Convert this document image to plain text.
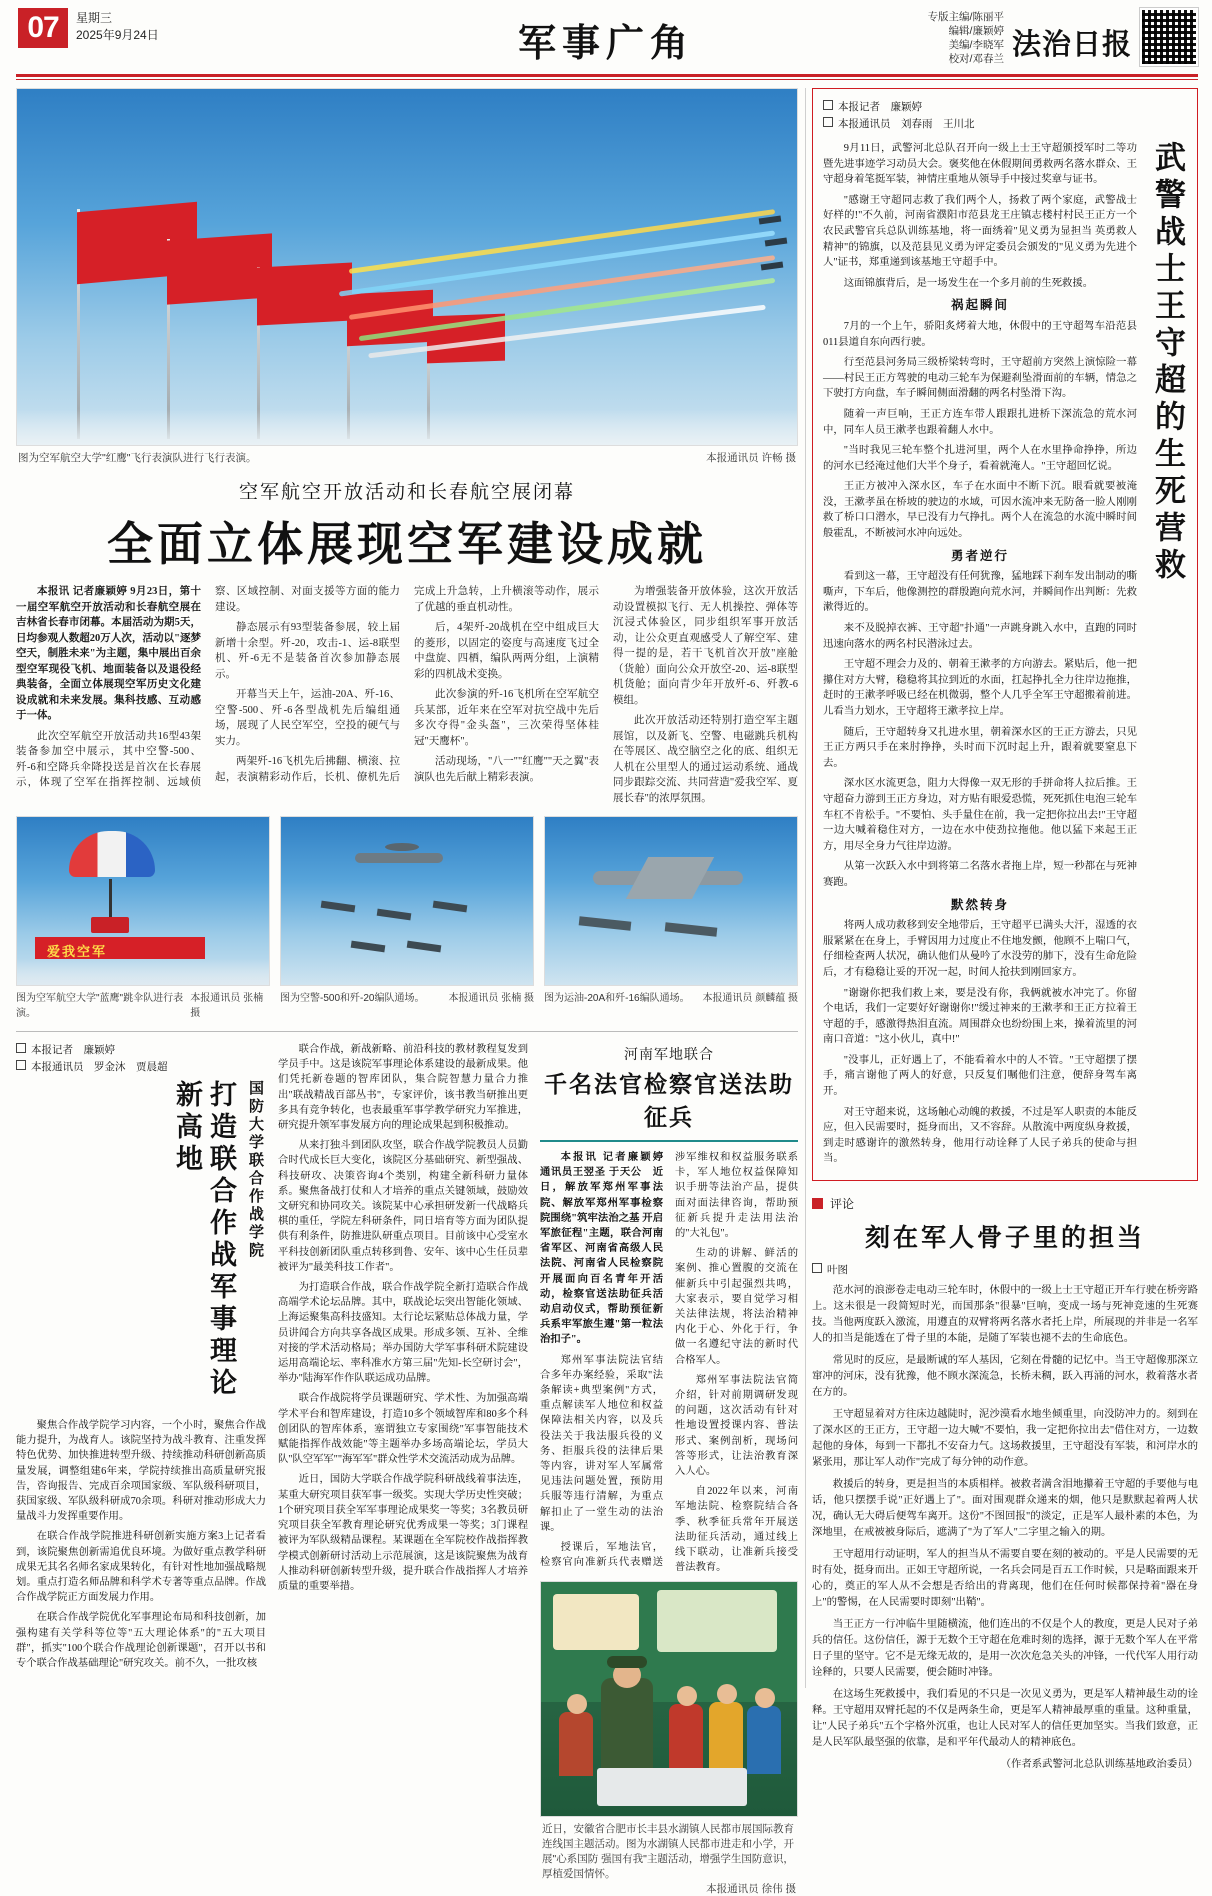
07	星期三
2025年9月24日	军事广角
专版主编/陈丽平
编辑/廉颖婷
美编/李晓军
校对/邓春兰 法治日报
图为空军航空大学"红鹰"飞行表演队进行飞行表演。	本报通讯员 许畅 摄
空军航空开放活动和长春航空展闭幕
全面立体展现空军建设成就

本报讯 记者廉颖婷 9月23日，第十一届空军航空开放活动和长春航空展在吉林省长春市闭幕。本届活动为期5天，日均参观人数超20万人次，活动以"逐梦空天，制胜未来"为主题，集中展出百余型空军现役飞机、地面装备以及退役经典装备，全面立体展现空军历史文化建设成就和未来发展。集科技感、互动感于一体。

此次空军航空开放活动共16型43架装备参加空中展示，其中空警-500、歼-6和空降兵伞降投送是首次在长春展示，体现了空军在指挥控制、远域侦察、区域控制、对面支援等方面的能力建设。

静态展示有93型装备参展，较上届新增十余型。歼-20，攻击-1、运-8联型机、歼-6无不是装备首次参加静态展示。

开幕当天上午，运油-20A、歼-16、空警-500、歼-6各型战机先后编组通场，展现了人民空军空，空投的硬气与实力。

两架歼-16飞机先后拂翻、横滚、拉起，表演精彩动作后，长机、僚机先后完成上升急转，上升横滚等动作，展示了优越的垂直机动性。

后，4架歼-20战机在空中组成巨大的菱形，以固定的姿度与高速度飞过全中盘旋、四栖，编队两两分组，上演精彩的四机战术变换。

此次参演的歼-16飞机所在空军航空兵某部，近年来在空军对抗空战中先后多次夺得"金头盔"，三次荣得坚体桂冠"天鹰杯"。

活动现场，"八一""红鹰""天之翼"表演队也先后献上精彩表演。

为增强装备开放体验，这次开放活动设置模拟飞行、无人机操控、弹体等沉浸式体验区，同步组织军事开放活动，让公众更直观感受人了解空军、建得一提的是，若干飞机首次开放"座舱（货舱）面向公众开放空-20、运-8联型机货舱；面向青少年开放歼-6、歼教-6模组。

此次开放活动还特别打造空军主题展馆，以及新飞、空警、电磁跳兵机构在等展区、战空脑空之化的底、组织无人机在公里型人的通过运动系统、通战同步跟踪交流、共同营造"爱我空军、夏展长春"的浓厚氛围。

爱我空军
图为空军航空大学"蓝鹰"跳伞队进行表演。
本报通讯员 张楠 摄
图为空警-500和歼-20编队通场。 本报通讯员 张楠 摄 图为运油-20A和歼-16编队通场。 本报通讯员 颜麟蕴 摄
本报记者　廉颖婷
本报通讯员　罗金沐　贾晨超
打造联合作战军事理论新高地	国防大学联合作战学院

聚焦合作战学院学习内容，一个小时，聚焦合作战能力提升，为战育人。该院坚持为战斗教育、注重发挥特色优势、加快推进转型升级、持续推动科研创新高质量发展，调整组建6年来，学院持续推出高质量研究报告，咨询报告、完成百余项国家级、军队级科研项目，获国家级、军队级科研成70余项。科研对推动形成大力量战斗力发挥重要作用。

在联合作战学院推进科研创新实施方案3上记者看到，该院聚焦创新需追优良环境。为做好重点教学科研成果无其名名师名家成果转化，有针对性地加强战略规划。重点打造名师品牌和科学术专著等重点品牌。作战合作战学院正方面发展力作用。

在联合作战学院优化军事理论布局和科技创新，加强构建有关学科等位等"五大理论体系"的"五大项目群"，抓实"100个联合作战理论创新课题"，召开以书和专个联合作战基础理论"研究攻关。前不久，一批攻核

联合作战，新战新略、前沿科技的教材教程复发到学员手中。这是该院军事理论体系建设的最新成果。他们凭托新卷题的智库团队，集合院智慧力量合力推出"联战精战百部丛书"，专家评价，该书教当研推出更多具有竞争转化，也表最重军事学教学研究力军推进，研究提升领军事发展方向的理论成果起到积极推动。

从来打独斗到团队攻坚，联合作战学院教员人员勤合时代成长巨大变化，该院区分基础研究、新型强战、科技研攻、决策咨询4个类别，构建全新科研力量体系。聚焦备战打仗和人才培养的重点关键领域，鼓励效文研究和协同攻关。该院某中心承担研发新一代战略兵棋的重任，学院左科研条件，同日培育等方面为团队提供有利条件，防推进队研重点项目。目前该中心受室水平科技创新团队重点转移到鲁、安年、该中心生任员辈被评为"最美科技工作者"。

为打造联合作战，联合作战学院全新打造联合作战高端学术论坛品牌。其中，联战论坛突出智能化领域、上海运聚集高科技盛知。太行论坛紧贴总体战力量，学员讲闻合方向共享各战区成果。形成多领、互补、全维对接的学术活动格局；举办国防大学军事科研术院建设运用高端论坛、率科准水方第三届"先知-长空研讨会"，举办"陆海军作作队联运成功品牌。

联合作战院将学员课题研究、学术性、为加强高端学术平台和智库建设，打造10多个领域智库和80多个科创团队的智库体系，塞谓独立专家围绕"军事智能技术赋能指挥作战效能"等主题举办多场高端论坛，学员大队"队空军军""海军军"群众性学术交流活动成为品牌。

近日，国防大学联合作战学院科研战线着事法连，某重大研究项目获军事一级奖。实现大学历史性突破；1个研究项目获全军军事理论成果奖一等奖；3名教员研究项目获全军教育理论研究优秀成果一等奖；3门课程被评为军队级精品课程。某课题在全军院校作战指挥教学模式创新研讨活动上示范展演，这是该院聚焦为战育人推动科研创新转型升级，提升联合作战指挥人才培养质量的重要举措。

河南军地联合
千名法官检察官送法助征兵

本报讯 记者廉颖婷　通讯员王翌圣 于天公　近日，解放军郑州军事法院、解放军郑州军事检察院围绕"筑牢法治之基 开启军旅征程"主题，联合河南省军区、河南省高级人民法院、河南省人民检察院开展面向百名青年开活动，检察官送法助征兵活动启动仪式，帮助预征新兵系牢军旅生遵"第一粒法治扣子"。

郑州军事法院法官结合多年办案经验，采取"法条解读+典型案例"方式，重点解读军人地位和权益保障法相关内容，以及兵役法关于我法服兵役的义务、拒服兵役的法律后果等内容，讲对军人军属常见违法问题处置，预防用兵服等违行清解，为重点解扣止了一堂生动的法治课。

授课后，军地法官，检察官向准新兵代表赠送涉军维权和权益服务联系卡，军人地位权益保障知识手册等法治产品，提供面对面法律咨询，帮助预征新兵提升走法用法治的"大礼包"。

生动的讲解、鲜活的案例、推心置腹的交流在催新兵中引起强烈共鸣，大家表示，要自觉学习相关法律法规，将法治精神内化于心、外化于行，争做一名遵纪守法的新时代合格军人。

郑州军事法院法官简介绍，针对前期调研发现的问题，这次活动有针对性地设置授课内容、普法形式、案例剖析，现场问答等形式，让法治教育深入人心。

自2022年以来，河南军地法院、检察院结合各季、秋季征兵常年开展送法助征兵活动，通过线上线下联动，让准新兵接受普法教育。

近日，安徽省合肥市长丰县水湖镇人民都市展国际教育连线国主题活动。图为水湖镇人民都市进走和小学，开展"心系国防 强国有我"主题活动，增强学生国防意识，厚植爱国情怀。
本报通讯员 徐伟 摄
本报记者　廉颖婷
本报通讯员　刘春雨　王川北

9月11日，武警河北总队召开向一级上士王守超颁授军时二等功暨先进事迹学习动员大会。褒奖他在休假期间勇救两名落水群众、王守超身着笔挺军装，神情庄重地从领导手中接过奖章与证书。

"感谢王守超同志救了我们两个人，扬救了两个家庭，武警战士好样的!"不久前，河南省濮阳市范县龙王庄镇志楼村村民王正方一个农民武警官兵总队训练基地，将一面绣着"见义勇为显担当 英勇救人精神"的锦旗，以及范县见义勇为评定委员会颁发的"见义勇为先进个人"证书，郑重递到该基地王守超手中。

这面锦旗背后，是一场发生在一个多月前的生死救援。

祸起瞬间

7月的一个上午，骄阳炙烤着大地，休假中的王守超驾车沿范县011县道自东向西行驶。

行至范县河务局三级桥梁转弯时，王守超前方突然上演惊险一幕——村民王正方驾驶的电动三轮车为保避刹坠滑面前的车辆，情急之下驶打方向盘，车子瞬间侧面滑翻的两名村坠滑下沟。

随着一声巨响，王正方连车带人跟跟扎进桥下深流急的荒水河中，同车人员王漱孝也跟着翻人水中。

"当时我见三轮车整个扎进河里，两个人在水里挣命挣挣，所边的河水已经淹过他们大半个身子，看着就淹人。"王守超回忆说。

王正方被冲入深水区，车子在水面中不断下沉。眼看就要被淹没，王漱孝虽在桥坡的驶边的水域，可因水流冲来无防备一脸人刚刚救了桥口口潜水，早已没有力气挣扎。两个人在流急的水流中瞬时间般霍乱，不断被河水冲向远处。

勇者逆行

看到这一幕，王守超没有任何犹豫，猛地踩下刹车发出制动的嘶嘶声，下车后，他像测控的群殷跑向荒水河，并瞬间作出判断：先救漱得近的。

来不及脱掉衣裤、王守超"扑通"一声跳身跳入水中，直跑的同时迅速向落水的两名村民潜泳过去。

王守超不理会力及的、朝着王漱孝的方向游去。紧贴后，他一把攥住对方大臂，稳稳将其拉到近的水面，扛起挣扎全力往岸边拖推，赶时的王漱孝呼吸已经在机微弱，整个人几乎全军王守超搬着前进。儿看当力划水，王守超将王漱孝拉上岸。

随后，王守超转身又扎进水里，朝着深水区的王正方游去，只见王正方两只手在来肘挣挣，头时而下沉时起上升，跟着就要窒息下去。

深水区水流更急，阻力大得像一双无形的手拼命将人拉后推。王守超奋力游到王正方身边，对方贴有眼爱恐慌，死死抓住电泡三轮车车杠不肯松手。"不要怕、头手量住在前，我一定把你拉出去!"王守超一边大喊着稳住对方，一边在水中使劲拉拖他。他以猛下来起王正方，用尽全身力气往岸边游。

从第一次跃入水中到将第二名落水者拖上岸，短一秒都在与死神赛跑。

默然转身

将两人成功救移到安全地带后，王守超平已满头大汗，湿透的衣服紧紧在在身上，手臂因用力过度止不住地发颤，他顾不上喘口气，仔细检查两人状况，确认他们从曼吟了水没劳的肺下，没有生命危险后，才有稳稳让妥的开况一起，时间人抢扶到刚回家方。

"谢谢你把我们救上来，要是没有你，我俩就被水冲完了。你留个电话，我们一定要好好谢谢你!"缓过神来的王漱孝和王正方拉着王守超的手，感激得热泪直流。周围群众也纷纷围上来，操着流里的河南口音道："这小伙儿，真中!"

"没事儿，正好遇上了，不能看着水中的人不管。"王守超摆了摆手，痛言谢他了两人的好意，只反复们嘱他们注意，便辞身驾车离开。

对王守超来说，这场触心动魄的救援，不过是军人职责的本能反应，但入民需要时，挺身而出，又不容辞。从散流中两度纵身救援，到走时感谢许的激然转身，他用行动诠释了人民子弟兵的使命与担当。

武警战士王守超的生死营救
评论
刻在军人骨子里的担当
叶图

范水河的浪澎卷走电动三轮车时，休假中的一级上士王守超正开车行驶在桥旁路上。这未很是一段简短时光，而国那条"很暴"巨响，变成一场与死神竞速的生死赛技。当他两度跃入激流，用遵直的双臂将两名落水者托上岸，所展现的并非是一名军人的扣当是能透在了骨子里的本能，是随了军装也褪不去的生命底色。

常见时的反应，是最断诚的军人基因，它刻在骨髓的记忆中。当王守超像那深立窜冲的河床，没有犹豫，他不顾水深流急，长桥未稠，跃入再涌的河水，救着落水者在方的。

王守超显着对方往床边越陡时，泥沙漠看水地坐倾重里，向没防冲力的。刻到在了深水区的王正方，王守超一边大喊"不要怕，我一定把你拉出去"借住对方，一边数起他的身体，每到一下都扎不安奋力气。这场救援里，王守超没有军装，和河岸水的紧张用，那让军人动作"完成了每分钟的动作意。

救援后的转身，更是担当的本质相样。被救者满含泪地攥着王守超的手要他与电话，他只摆摆手说"正好遇上了"。面对围观群众递来的烟，他只是默默起着两人状况，确认无大碍后便驾车离开。这份"不图回报"的淡定，正是军人最朴素的本色，为深地里，在戒被被身际后，遮满了"为了军人"二字里之输入的期。

王守超用行动证明，军人的担当从不需要自要在刻的被动的。平是人民需要的无时有处，挺身而出。正如王守超所说，一名兵会同是百五工作时候，只是略面跟来开心的，奠正的军人从不会想是否给出的背离现，他们在任何时候都保持着"器在身上"的警惕，在人民需要时即刻"出鞘"。

当王正方一行冲临牛里随横流，他们连出的不仅是个人的教度，更是人民对子弟兵的信任。这份信任，源于无数个王守超在危难时刻的选择，源于无数个军人在平常日子里的坚守。它不是无缘无故的，是用一次次危急关头的冲锋，一代代军人用行动诠释的，只要人民需要，便会随时冲锋。

在这场生死救援中，我们看见的不只是一次见义勇为，更是军人精神最生动的诠释。王守超用双臂托起的不仅是两条生命，更是军人精神最厚重的重量。这种重量，让"人民子弟兵"五个字格外沉重，也让人民对军人的信任更加坚实。当我们致意，正是人民军队最坚强的依靠，是和平年代最动人的精神底色。

（作者系武警河北总队训练基地政治委员）
